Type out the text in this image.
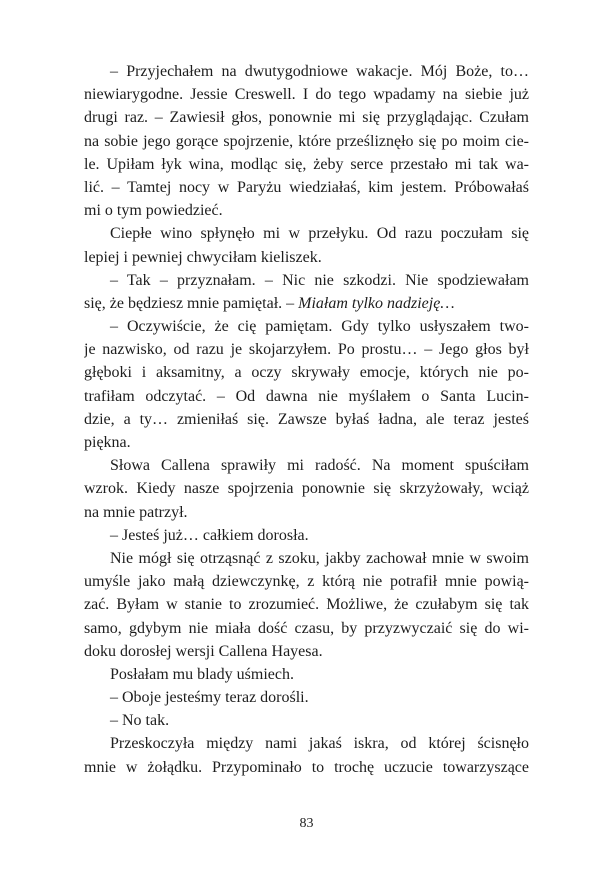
– Przyjechałem na dwutygodniowe wakacje. Mój Boże, to…
niewiarygodne. Jessie Creswell. I do tego wpadamy na siebie już
drugi raz. – Zawiesił głos, ponownie mi się przyglądając. Czułam
na sobie jego gorące spojrzenie, które prześliznęło się po moim cie-
le. Upiłam łyk wina, modląc się, żeby serce przestało mi tak wa-
lić. – Tamtej nocy w Paryżu wiedziałaś, kim jestem. Próbowałaś
mi o tym powiedzieć.
Ciepłe wino spłynęło mi w przełyku. Od razu poczułam się
lepiej i pewniej chwyciłam kieliszek.
– Tak – przyznałam. – Nic nie szkodzi. Nie spodziewałam
się, że będziesz mnie pamiętał. – Miałam tylko nadzieję…
– Oczywiście, że cię pamiętam. Gdy tylko usłyszałem two-
je nazwisko, od razu je skojarzyłem. Po prostu… – Jego głos był
głęboki i aksamitny, a oczy skrywały emocje, których nie po-
trafiłam odczytać. – Od dawna nie myślałem o Santa Lucin-
dzie, a ty… zmieniłaś się. Zawsze byłaś ładna, ale teraz jesteś
piękna.
Słowa Callena sprawiły mi radość. Na moment spuściłam
wzrok. Kiedy nasze spojrzenia ponownie się skrzyżowały, wciąż
na mnie patrzył.
– Jesteś już… całkiem dorosła.
Nie mógł się otrząsnąć z szoku, jakby zachował mnie w swoim
umyśle jako małą dziewczynkę, z którą nie potrafił mnie powią-
zać. Byłam w stanie to zrozumieć. Możliwe, że czułabym się tak
samo, gdybym nie miała dość czasu, by przyzwyczaić się do wi-
doku dorosłej wersji Callena Hayesa.
Posłałam mu blady uśmiech.
– Oboje jesteśmy teraz dorośli.
– No tak.
Przeskoczyła między nami jakaś iskra, od której ścisnęło
mnie w żołądku. Przypominało to trochę uczucie towarzyszące
83
